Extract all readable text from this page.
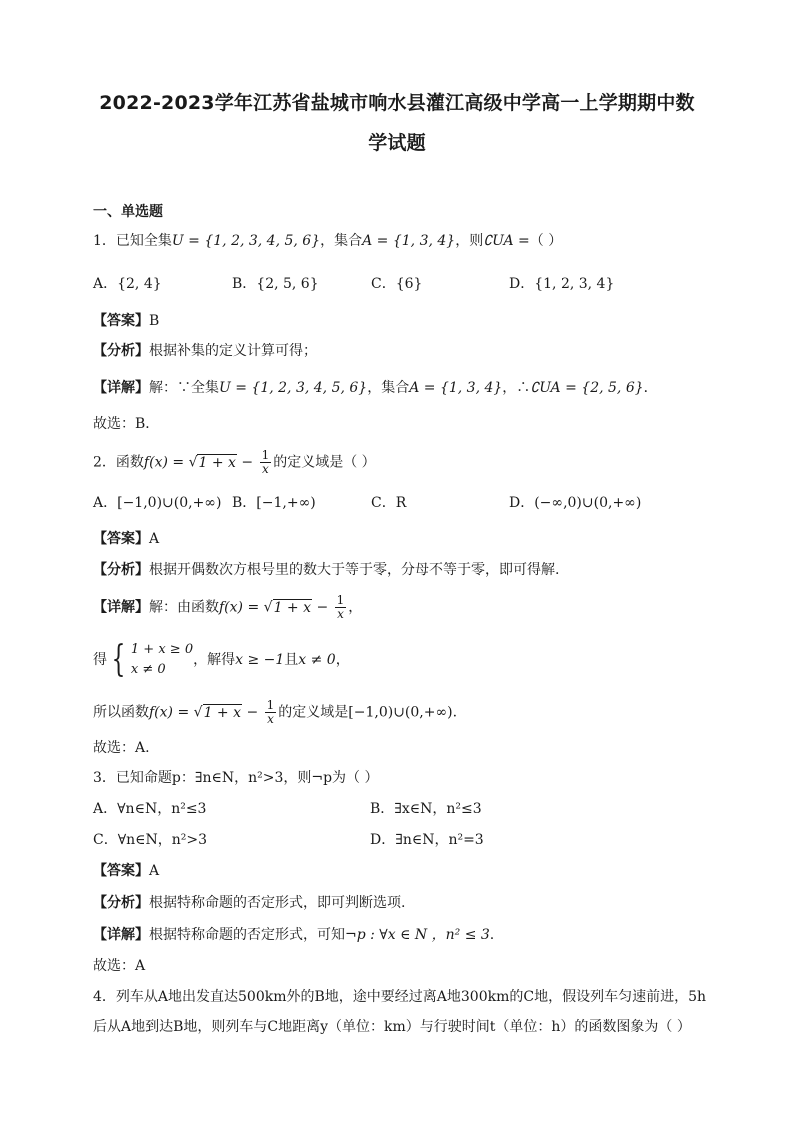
2022-2023学年江苏省盐城市响水县灌江高级中学高一上学期期中数
学试题
一、单选题
1．已知全集U = {1, 2, 3, 4, 5, 6}，集合A = {1, 3, 4}，则∁UA =（ ）
A．{2, 4}	B．{2, 5, 6}	C．{6}	D．{1, 2, 3, 4}
【答案】B
【分析】根据补集的定义计算可得；
【详解】解：∵全集U = {1, 2, 3, 4, 5, 6}，集合A = {1, 3, 4}，∴∁UA = {2, 5, 6}．
故选：B．
2．函数$f(x) = √1 + x - \frac{1}{x}$ 的定义域是（ ）
A．[−1,0)∪(0,+∞) B．[−1,+∞)	C．R	D．(−∞,0)∪(0,+∞)
【答案】A
【分析】根据开偶数次方根号里的数大于等于零，分母不等于零，即可得解.
【详解】解：由函数$f(x) = √1 + x - \frac{1}{x}$ ，
得 { 1 + x ≥ 0
x ≠ 0
，解得x ≥ −1且x ≠ 0，
所以函数$f(x) = √1 + x - \frac{1}{x}$ 的定义域是[−1,0)∪(0,+∞).
故选：A.
3．已知命题p：∃n∈N，n²>3，则¬p为（ ）
A．∀n∈N，n²≤3	B．∃x∈N，n²≤3
C．∀n∈N，n²>3	D．∃n∈N，n²=3
【答案】A
【分析】根据特称命题的否定形式，即可判断选项.
【详解】根据特称命题的否定形式，可知¬p : ∀x ∈ N ，n² ≤ 3.
故选：A
4．列车从A地出发直达500km外的B地，途中要经过离A地300km的C地，假设列车匀速前进，5h
后从A地到达B地，则列车与C地距离y（单位：km）与行驶时间t（单位：h）的函数图象为（ ）
